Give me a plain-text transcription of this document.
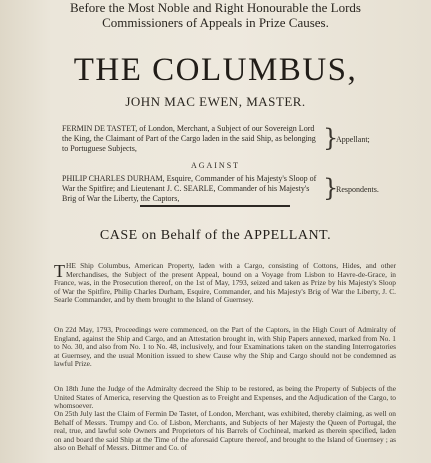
Before the Most Noble and Right Honourable the Lords
Commissioners of Appeals in Prize Causes.
THE COLUMBUS,
JOHN MAC EWEN, MASTER.
FERMIN DE TASTET, of London, Merchant, a Subject of our Sovereign Lord the King, the Claimant of Part of the Cargo laden in the said Ship, as belonging to Portuguese Subjects,	}
Appellant;
AGAINST
PHILIP CHARLES DURHAM, Esquire, Commander of his Majesty's Sloop of War the Spitfire; and Lieutenant J. C. SEARLE, Commander of his Majesty's Brig of War the Liberty, the Captors,	}
Respondents.
CASE on Behalf of the APPELLANT.
THE Ship Columbus, American Property, laden with a Cargo, consisting of Cottons, Hides, and other Merchandises, the Subject of the present Appeal, bound on a Voyage from Lisbon to Havre-de-Grace, in France, was, in the Prosecution thereof, on the 1st of May, 1793, seized and taken as Prize by his Majesty's Sloop of War the Spitfire, Philip Charles Durham, Esquire, Commander, and his Majesty's Brig of War the Liberty, J. C. Searle Commander, and by them brought to the Island of Guernsey.
On 22d May, 1793, Proceedings were commenced, on the Part of the Captors, in the High Court of Admiralty of England, against the Ship and Cargo, and an Attestation brought in, with Ship Papers annexed, marked from No. 1 to No. 30, and also from No. 1 to No. 48, inclusively, and four Examinations taken on the standing Interrogatories at Guernsey, and the usual Monition issued to shew Cause why the Ship and Cargo should not be condemned as lawful Prize.
On 18th June the Judge of the Admiralty decreed the Ship to be restored, as being the Property of Subjects of the United States of America, reserving the Question as to Freight and Expenses, and the Adjudication of the Cargo, to whomsoever.
On 25th July last the Claim of Fermin De Tastet, of London, Merchant, was exhibited, thereby claiming, as well on Behalf of Messrs. Trumpy and Co. of Lisbon, Merchants, and Subjects of her Majesty the Queen of Portugal, the real, true, and lawful sole Owners and Proprietors of his Barrels of Cochineal, marked as therein specified, laden on and board the said Ship at the Time of the aforesaid Capture thereof, and brought to the Island of Guernsey ; as also on Behalf of Messrs. Dittmer and Co. of
